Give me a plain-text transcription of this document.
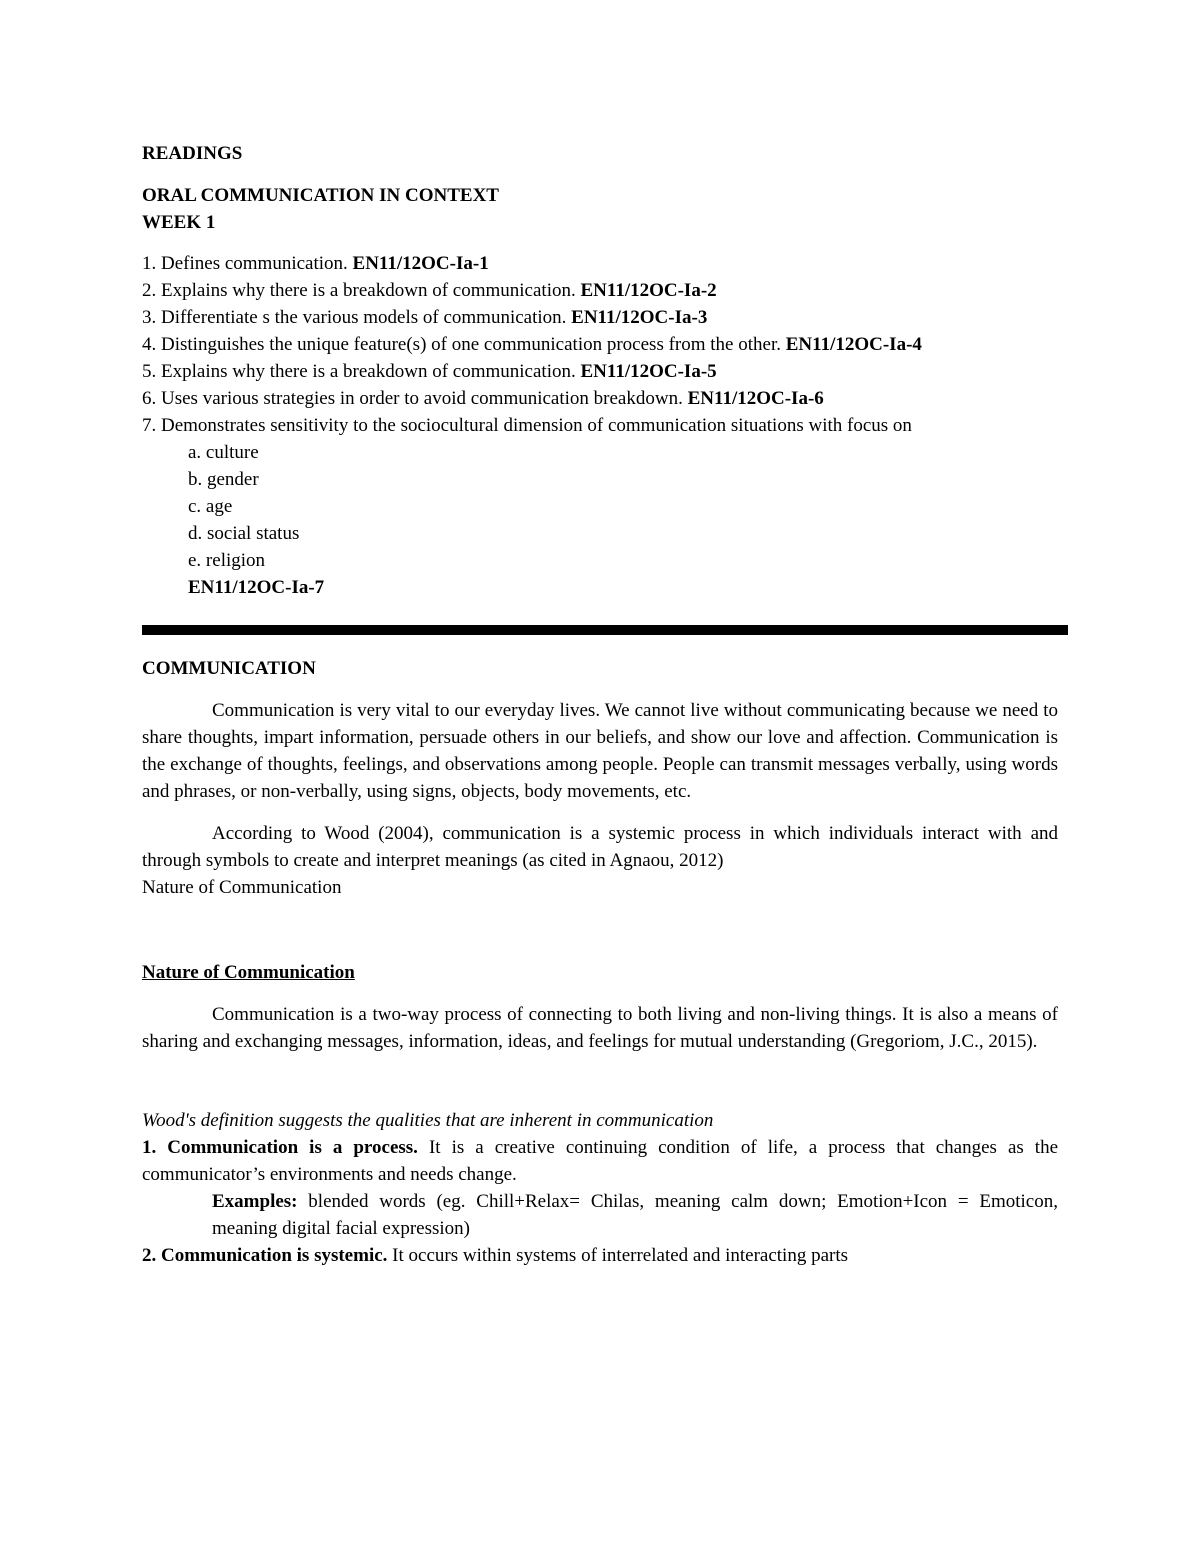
READINGS

ORAL COMMUNICATION IN CONTEXT

WEEK 1

1. Defines communication. EN11/12OC-Ia-1
2. Explains why there is a breakdown of communication. EN11/12OC-Ia-2
3. Differentiate s the various models of communication. EN11/12OC-Ia-3
4. Distinguishes the unique feature(s) of one communication process from the other. EN11/12OC-Ia-4
5. Explains why there is a breakdown of communication. EN11/12OC-Ia-5
6. Uses various strategies in order to avoid communication breakdown. EN11/12OC-Ia-6
7. Demonstrates sensitivity to the sociocultural dimension of communication situations with focus on
a. culture
b. gender
c. age
d. social status
e. religion
EN11/12OC-Ia-7

COMMUNICATION

Communication is very vital to our everyday lives. We cannot live without communicating because we need to share thoughts, impart information, persuade others in our beliefs, and show our love and affection. Communication is the exchange of thoughts, feelings, and observations among people. People can transmit messages verbally, using words and phrases, or non-verbally, using signs, objects, body movements, etc.

According to Wood (2004), communication is a systemic process in which individuals interact with and through symbols to create and interpret meanings (as cited in Agnaou, 2012)

Nature of Communication

Nature of Communication

Communication is a two-way process of connecting to both living and non-living things. It is also a means of sharing and exchanging messages, information, ideas, and feelings for mutual understanding (Gregoriom, J.C., 2015).

Wood's definition suggests the qualities that are inherent in communication

1. Communication is a process. It is a creative continuing condition of life, a process that changes as the communicator’s environments and needs change.

Examples: blended words (eg. Chill+Relax= Chilas, meaning calm down; Emotion+Icon = Emoticon, meaning digital facial expression)

2. Communication is systemic. It occurs within systems of interrelated and interacting parts
